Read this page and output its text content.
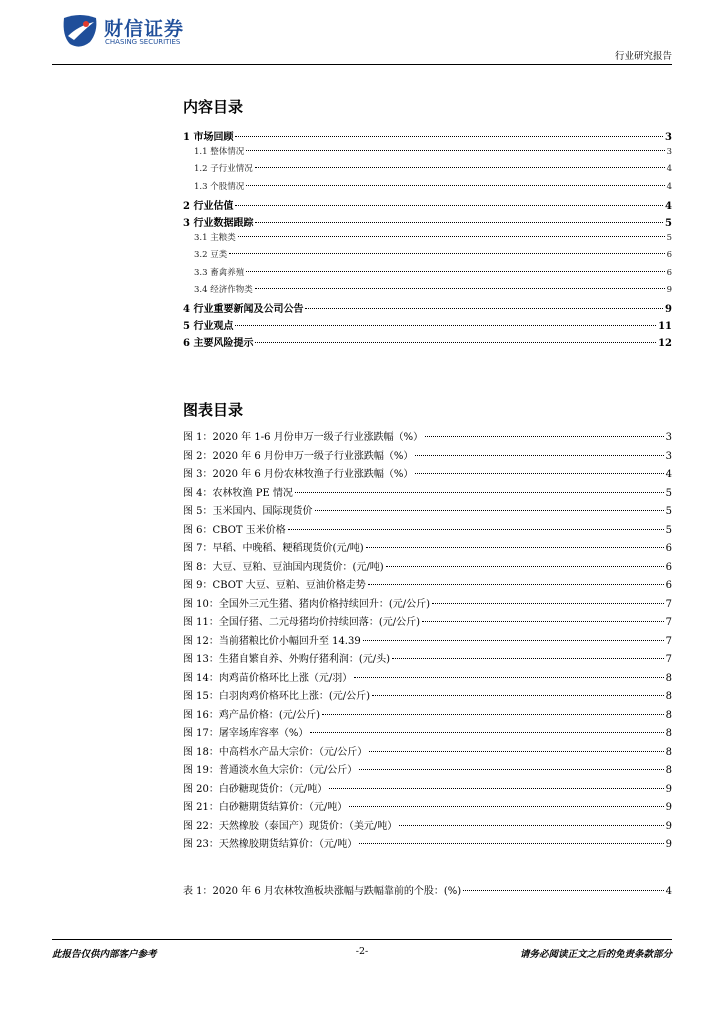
财信证券
CHASING SECURITIES
行业研究报告
内容目录
1 市场回顾	3
1.1 整体情况	3
1.2 子行业情况	4
1.3 个股情况	4
2 行业估值	4
3 行业数据跟踪	5
3.1 主粮类	5
3.2 豆类	6
3.3 畜禽养殖	6
3.4 经济作物类	9
4 行业重要新闻及公司公告	9
5 行业观点	11
6 主要风险提示	12
图表目录
图 1：2020 年 1-6 月份申万一级子行业涨跌幅（%）	3
图 2：2020 年 6 月份申万一级子行业涨跌幅（%）	3
图 3：2020 年 6 月份农林牧渔子行业涨跌幅（%）	4
图 4：农林牧渔 PE 情况	5
图 5：玉米国内、国际现货价	5
图 6：CBOT 玉米价格	5
图 7：早稻、中晚稻、粳稻现货价(元/吨)	6
图 8：大豆、豆粕、豆油国内现货价：(元/吨)	6
图 9：CBOT 大豆、豆粕、豆油价格走势	6
图 10：全国外三元生猪、猪肉价格持续回升：(元/公斤)	7
图 11：全国仔猪、二元母猪均价持续回落：(元/公斤)	7
图 12：当前猪粮比价小幅回升至 14.39	7
图 13：生猪自繁自养、外购仔猪利润：(元/头)	7
图 14：肉鸡苗价格环比上涨（元/羽）	8
图 15：白羽肉鸡价格环比上涨：(元/公斤)	8
图 16：鸡产品价格：(元/公斤)	8
图 17：屠宰场库容率（%）	8
图 18：中高档水产品大宗价：（元/公斤）	8
图 19：普通淡水鱼大宗价：（元/公斤）	8
图 20：白砂糖现货价：（元/吨）	9
图 21：白砂糖期货结算价：（元/吨）	9
图 22：天然橡胶（泰国产）现货价：（美元/吨）	9
图 23：天然橡胶期货结算价：（元/吨）	9
表 1：2020 年 6 月农林牧渔板块涨幅与跌幅靠前的个股：(%)	4
此报告仅供内部客户参考	-2-	请务必阅读正文之后的免责条款部分
